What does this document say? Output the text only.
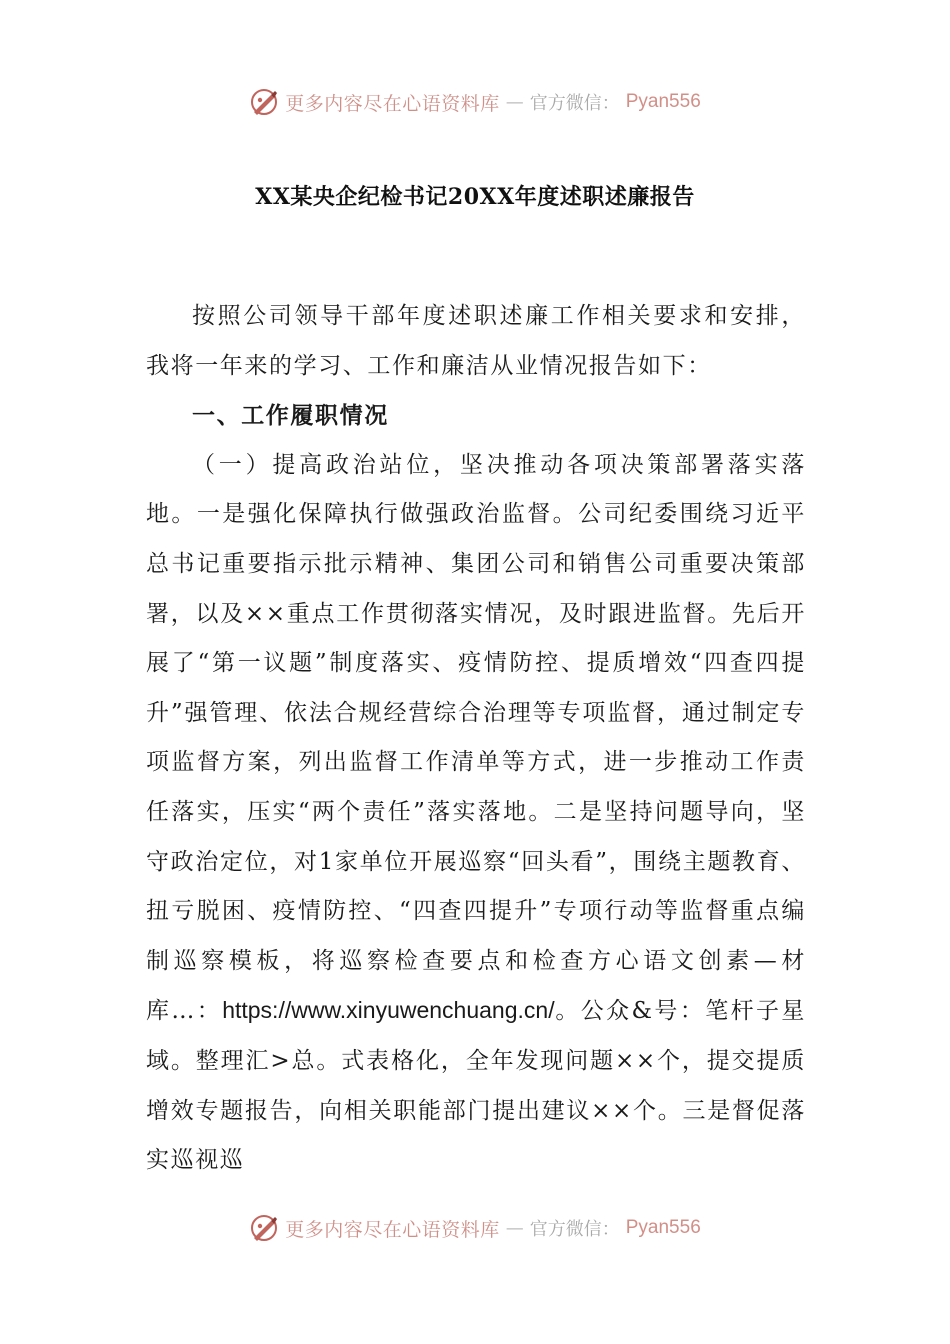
更多内容尽在心语资料库 — 官方微信： Pyan556
XX某央企纪检书记20XX年度述职述廉报告

按照公司领导干部年度述职述廉工作相关要求和安排，我将一年来的学习、工作和廉洁从业情况报告如下：

一、工作履职情况

（一）提高政治站位，坚决推动各项决策部署落实落地。一是强化保障执行做强政治监督。公司纪委围绕习近平总书记重要指示批示精神、集团公司和销售公司重要决策部署，以及××重点工作贯彻落实情况，及时跟进监督。先后开展了“第一议题”制度落实、疫情防控、提质增效“四查四提升”强管理、依法合规经营综合治理等专项监督，通过制定专项监督方案，列出监督工作清单等方式，进一步推动工作责任落实，压实“两个责任”落实落地。二是坚持问题导向，坚守政治定位，对1家单位开展巡察“回头看”，围绕主题教育、扭亏脱困、疫情防控、“四查四提升”专项行动等监督重点编制巡察模板，将巡察检查要点和检查方心语文创素—材库…：https://www.xinyuwenchuang.cn/。公众&号：笔杆子星域。整理汇>总。式表格化，全年发现问题××个，提交提质增效专题报告，向相关职能部门提出建议××个。三是督促落实巡视巡

更多内容尽在心语资料库 — 官方微信： Pyan556
